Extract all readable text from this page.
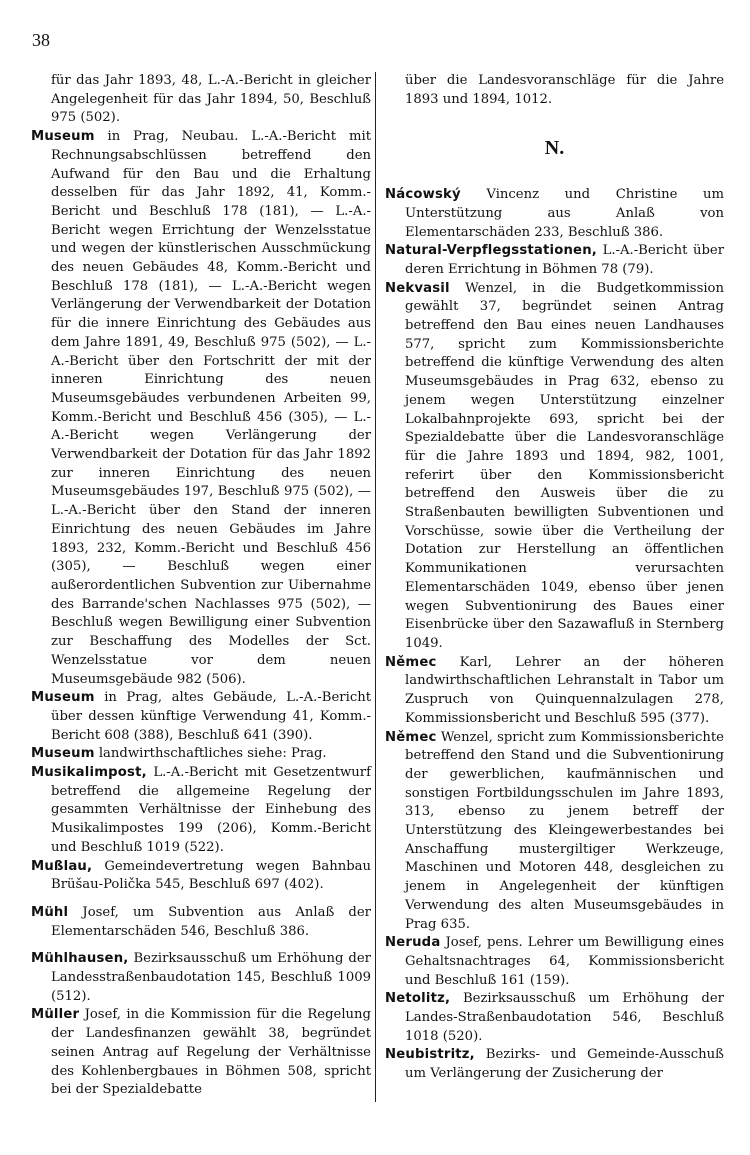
38

für das Jahr 1893, 48, L.-A.-Bericht in gleicher Angelegenheit für das Jahr 1894, 50, Beschluß 975 (502).

Museum in Prag, Neubau. L.-A.-Bericht mit Rechnungsabschlüssen betreffend den Aufwand für den Bau und die Erhaltung desselben für das Jahr 1892, 41, Komm.-Bericht und Beschluß 178 (181), — L.-A.-Bericht wegen Errichtung der Wenzelsstatue und wegen der künstlerischen Ausschmückung des neuen Gebäudes 48, Komm.-Bericht und Beschluß 178 (181), — L.-A.-Bericht wegen Verlängerung der Verwendbarkeit der Dotation für die innere Einrichtung des Gebäudes aus dem Jahre 1891, 49, Beschluß 975 (502), — L.-A.-Bericht über den Fortschritt der mit der inneren Einrichtung des neuen Museumsgebäudes verbundenen Arbeiten 99, Komm.-Bericht und Beschluß 456 (305), — L.-A.-Bericht wegen Verlängerung der Verwendbarkeit der Dotation für das Jahr 1892 zur inneren Einrichtung des neuen Museumsgebäudes 197, Beschluß 975 (502), — L.-A.-Bericht über den Stand der inneren Einrichtung des neuen Gebäudes im Jahre 1893, 232, Komm.-Bericht und Beschluß 456 (305), — Beschluß wegen einer außerordentlichen Subvention zur Uibernahme des Barrande'schen Nachlasses 975 (502), — Beschluß wegen Bewilligung einer Subvention zur Beschaffung des Modelles der Sct. Wenzelsstatue vor dem neuen Museumsgebäude 982 (506).

Museum in Prag, altes Gebäude, L.-A.-Bericht über dessen künftige Verwendung 41, Komm.-Bericht 608 (388), Beschluß 641 (390).

Museum landwirthschaftliches siehe: Prag.

Musikalimpost, L.-A.-Bericht mit Gesetzentwurf betreffend die allgemeine Regelung der gesammten Verhältnisse der Einhebung des Musikalimpostes 199 (206), Komm.-Bericht und Beschluß 1019 (522).

Mußlau, Gemeindevertretung wegen Bahnbau Brüšau-Polička 545, Beschluß 697 (402).

Mühl Josef, um Subvention aus Anlaß der Elementarschäden 546, Beschluß 386.

Mühlhausen, Bezirksausschuß um Erhöhung der Landesstraßenbaudotation 145, Beschluß 1009 (512).

Müller Josef, in die Kommission für die Regelung der Landesfinanzen gewählt 38, begründet seinen Antrag auf Regelung der Verhältnisse des Kohlenbergbaues in Böhmen 508, spricht bei der Spezialdebatte

über die Landesvoranschläge für die Jahre 1893 und 1894, 1012.

N.

Nácowský Vincenz und Christine um Unterstützung aus Anlaß von Elementarschäden 233, Beschluß 386.

Natural-Verpflegsstationen, L.-A.-Bericht über deren Errichtung in Böhmen 78 (79).

Nekvasil Wenzel, in die Budgetkommission gewählt 37, begründet seinen Antrag betreffend den Bau eines neuen Landhauses 577, spricht zum Kommissionsberichte betreffend die künftige Verwendung des alten Museumsgebäudes in Prag 632, ebenso zu jenem wegen Unterstützung einzelner Lokalbahnprojekte 693, spricht bei der Spezialdebatte über die Landesvoranschläge für die Jahre 1893 und 1894, 982, 1001, referirt über den Kommissionsbericht betreffend den Ausweis über die zu Straßenbauten bewilligten Subventionen und Vorschüsse, sowie über die Vertheilung der Dotation zur Herstellung an öffentlichen Kommunikationen verursachten Elementarschäden 1049, ebenso über jenen wegen Subventionirung des Baues einer Eisenbrücke über den Sazawafluß in Sternberg 1049.

Němec Karl, Lehrer an der höheren landwirthschaftlichen Lehranstalt in Tabor um Zuspruch von Quinquennalzulagen 278, Kommissionsbericht und Beschluß 595 (377).

Němec Wenzel, spricht zum Kommissionsberichte betreffend den Stand und die Subventionirung der gewerblichen, kaufmännischen und sonstigen Fortbildungsschulen im Jahre 1893, 313, ebenso zu jenem betreff der Unterstützung des Kleingewerbestandes bei Anschaffung mustergiltiger Werkzeuge, Maschinen und Motoren 448, desgleichen zu jenem in Angelegenheit der künftigen Verwendung des alten Museumsgebäudes in Prag 635.

Neruda Josef, pens. Lehrer um Bewilligung eines Gehaltsnachtrages 64, Kommissionsbericht und Beschluß 161 (159).

Netolitz, Bezirksausschuß um Erhöhung der Landes-Straßenbaudotation 546, Beschluß 1018 (520).

Neubistritz, Bezirks- und Gemeinde-Ausschuß um Verlängerung der Zusicherung der
